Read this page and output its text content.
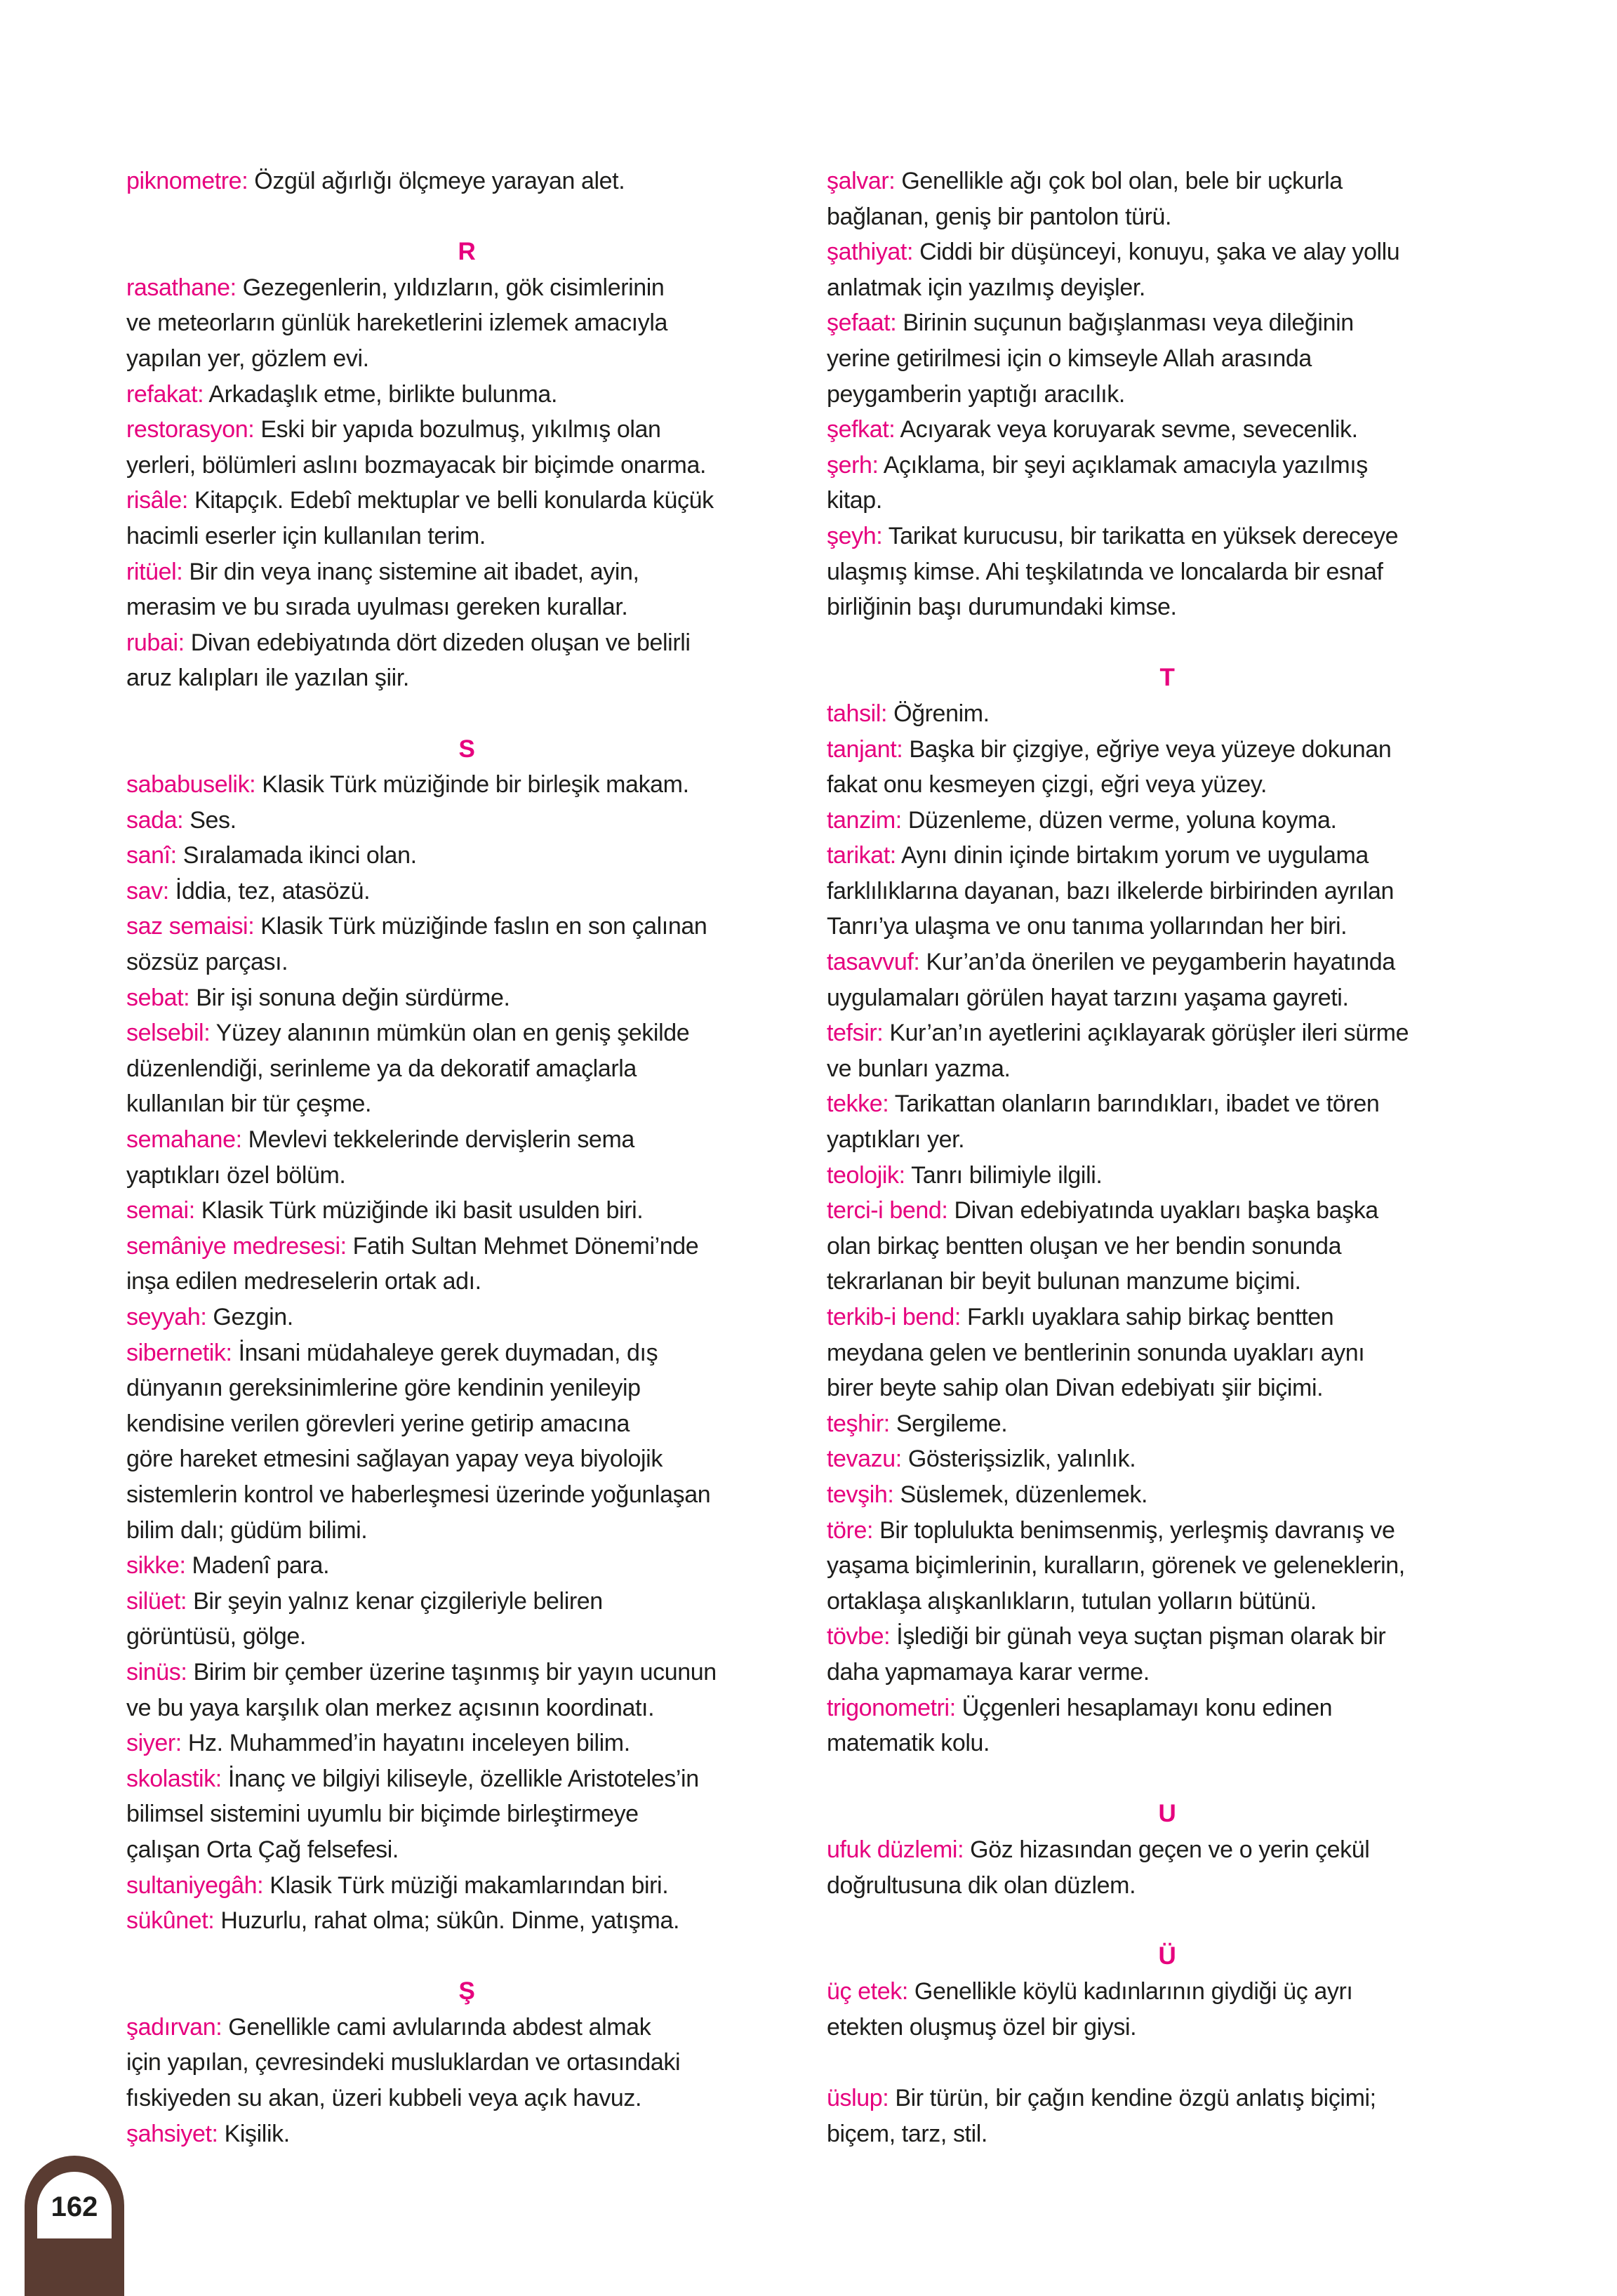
piknometre: Özgül ağırlığı ölçmeye yarayan alet.
R
rasathane: Gezegenlerin, yıldızların, gök cisimlerinin
ve meteorların günlük hareketlerini izlemek amacıyla
yapılan yer, gözlem evi.
refakat: Arkadaşlık etme, birlikte bulunma.
restorasyon: Eski bir yapıda bozulmuş, yıkılmış olan
yerleri, bölümleri aslını bozmayacak bir biçimde onarma.
risâle: Kitapçık. Edebî mektuplar ve belli konularda küçük
hacimli eserler için kullanılan terim.
ritüel: Bir din veya inanç sistemine ait ibadet, ayin,
merasim ve bu sırada uyulması gereken kurallar.
rubai: Divan edebiyatında dört dizeden oluşan ve belirli
aruz kalıpları ile yazılan şiir.
S
sababuselik: Klasik Türk müziğinde bir birleşik makam.
sada: Ses.
sanî: Sıralamada ikinci olan.
sav: İddia, tez, atasözü.
saz semaisi: Klasik Türk müziğinde faslın en son çalınan
sözsüz parçası.
sebat: Bir işi sonuna değin sürdürme.
selsebil: Yüzey alanının mümkün olan en geniş şekilde
düzenlendiği, serinleme ya da dekoratif amaçlarla
kullanılan bir tür çeşme.
semahane: Mevlevi tekkelerinde dervişlerin sema
yaptıkları özel bölüm.
semai: Klasik Türk müziğinde iki basit usulden biri.
semâniye medresesi: Fatih Sultan Mehmet Dönemi’nde
inşa edilen medreselerin ortak adı.
seyyah: Gezgin.
sibernetik: İnsani müdahaleye gerek duymadan, dış
dünyanın gereksinimlerine göre kendinin yenileyip
kendisine verilen görevleri yerine getirip amacına
göre hareket etmesini sağlayan yapay veya biyolojik
sistemlerin kontrol ve haberleşmesi üzerinde yoğunlaşan
bilim dalı; güdüm bilimi.
sikke: Madenî para.
silüet: Bir şeyin yalnız kenar çizgileriyle beliren
görüntüsü, gölge.
sinüs: Birim bir çember üzerine taşınmış bir yayın ucunun
ve bu yaya karşılık olan merkez açısının koordinatı.
siyer: Hz. Muhammed’in hayatını inceleyen bilim.
skolastik: İnanç ve bilgiyi kiliseyle, özellikle Aristoteles’in
bilimsel sistemini uyumlu bir biçimde birleştirmeye
çalışan Orta Çağ felsefesi.
sultaniyegâh: Klasik Türk müziği makamlarından biri.
sükûnet: Huzurlu, rahat olma; sükûn. Dinme, yatışma.
Ş
şadırvan: Genellikle cami avlularında abdest almak
için yapılan, çevresindeki musluklardan ve ortasındaki
fıskiyeden su akan, üzeri kubbeli veya açık havuz.
şahsiyet: Kişilik.
şalvar: Genellikle ağı çok bol olan, bele bir uçkurla
bağlanan, geniş bir pantolon türü.
şathiyat: Ciddi bir düşünceyi, konuyu, şaka ve alay yollu
anlatmak için yazılmış deyişler.
şefaat: Birinin suçunun bağışlanması veya dileğinin
yerine getirilmesi için o kimseyle Allah arasında
peygamberin yaptığı aracılık.
şefkat: Acıyarak veya koruyarak sevme, sevecenlik.
şerh: Açıklama, bir şeyi açıklamak amacıyla yazılmış
kitap.
şeyh: Tarikat kurucusu, bir tarikatta en yüksek dereceye
ulaşmış kimse. Ahi teşkilatında ve loncalarda bir esnaf
birliğinin başı durumundaki kimse.
T
tahsil: Öğrenim.
tanjant: Başka bir çizgiye, eğriye veya yüzeye dokunan
fakat onu kesmeyen çizgi, eğri veya yüzey.
tanzim: Düzenleme, düzen verme, yoluna koyma.
tarikat: Aynı dinin içinde birtakım yorum ve uygulama
farklılıklarına dayanan, bazı ilkelerde birbirinden ayrılan
Tanrı’ya ulaşma ve onu tanıma yollarından her biri.
tasavvuf: Kur’an’da önerilen ve peygamberin hayatında
uygulamaları görülen hayat tarzını yaşama gayreti.
tefsir: Kur’an’ın ayetlerini açıklayarak görüşler ileri sürme
ve bunları yazma.
tekke: Tarikattan olanların barındıkları, ibadet ve tören
yaptıkları yer.
teolojik: Tanrı bilimiyle ilgili.
terci-i bend: Divan edebiyatında uyakları başka başka
olan birkaç bentten oluşan ve her bendin sonunda
tekrarlanan bir beyit bulunan manzume biçimi.
terkib-i bend: Farklı uyaklara sahip birkaç bentten
meydana gelen ve bentlerinin sonunda uyakları aynı
birer beyte sahip olan Divan edebiyatı şiir biçimi.
teşhir: Sergileme.
tevazu: Gösterişsizlik, yalınlık.
tevşih: Süslemek, düzenlemek.
töre: Bir toplulukta benimsenmiş, yerleşmiş davranış ve
yaşama biçimlerinin, kuralların, görenek ve geleneklerin,
ortaklaşa alışkanlıkların, tutulan yolların bütünü.
tövbe: İşlediği bir günah veya suçtan pişman olarak bir
daha yapmamaya karar verme.
trigonometri: Üçgenleri hesaplamayı konu edinen
matematik kolu.
U
ufuk düzlemi: Göz hizasından geçen ve o yerin çekül
doğrultusuna dik olan düzlem.
Ü
üç etek: Genellikle köylü kadınlarının giydiği üç ayrı
etekten oluşmuş özel bir giysi.
üslup: Bir türün, bir çağın kendine özgü anlatış biçimi;
biçem, tarz, stil.
162
